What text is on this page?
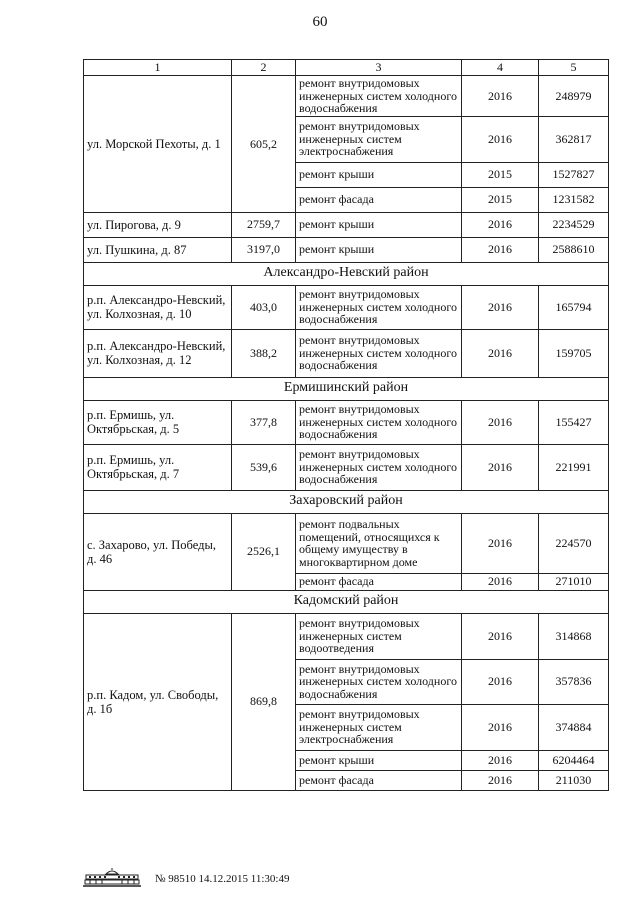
60
1	2	3	4	5
ул. Морской Пехоты, д. 1	605,2	ремонт внутридомовых инженерных систем холодного водоснабжения	2016	248979
		ремонт внутридомовых инженерных систем электроснабжения	2016	362817
		ремонт крыши	2015	1527827
		ремонт фасада	2015	1231582
ул. Пирогова, д. 9	2759,7	ремонт крыши	2016	2234529
ул. Пушкина, д. 87	3197,0	ремонт крыши	2016	2588610
Александро-Невский район				
р.п. Александро-Невский, ул. Колхозная, д. 10	403,0	ремонт внутридомовых инженерных систем холодного водоснабжения	2016	165794
р.п. Александро-Невский, ул. Колхозная, д. 12	388,2	ремонт внутридомовых инженерных систем холодного водоснабжения	2016	159705
Ермишинский район				
р.п. Ермишь, ул. Октябрьская, д. 5	377,8	ремонт внутридомовых инженерных систем холодного водоснабжения	2016	155427
р.п. Ермишь, ул. Октябрьская, д. 7	539,6	ремонт внутридомовых инженерных систем холодного водоснабжения	2016	221991
Захаровский район				
с. Захарово, ул. Победы, д. 46	2526,1	ремонт подвальных помещений, относящихся к общему имуществу в многоквартирном доме	2016	224570
		ремонт фасада	2016	271010
Кадомский район				
р.п. Кадом, ул. Свободы, д. 1б	869,8	ремонт внутридомовых инженерных систем водоотведения	2016	314868
		ремонт внутридомовых инженерных систем холодного водоснабжения	2016	357836
		ремонт внутридомовых инженерных систем электроснабжения	2016	374884
		ремонт крыши	2016	6204464
		ремонт фасада	2016	211030
№ 98510 14.12.2015 11:30:49
